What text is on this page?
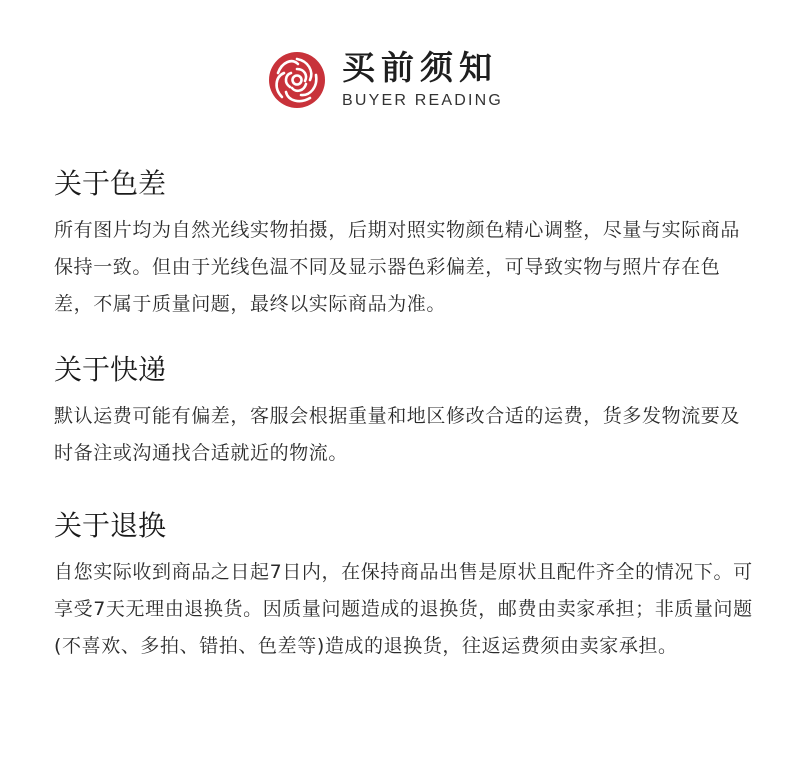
买前须知
BUYER READING
关于色差

所有图片均为自然光线实物拍摄，后期对照实物颜色精心调整，尽量与实际商品保持一致。但由于光线色温不同及显示器色彩偏差，可导致实物与照片存在色差，不属于质量问题，最终以实际商品为准。

关于快递

默认运费可能有偏差，客服会根据重量和地区修改合适的运费，货多发物流要及时备注或沟通找合适就近的物流。

关于退换

自您实际收到商品之日起7日内，在保持商品出售是原状且配件齐全的情况下。可享受7天无理由退换货。因质量问题造成的退换货，邮费由卖家承担；非质量问题(不喜欢、多拍、错拍、色差等)造成的退换货，往返运费须由卖家承担。
